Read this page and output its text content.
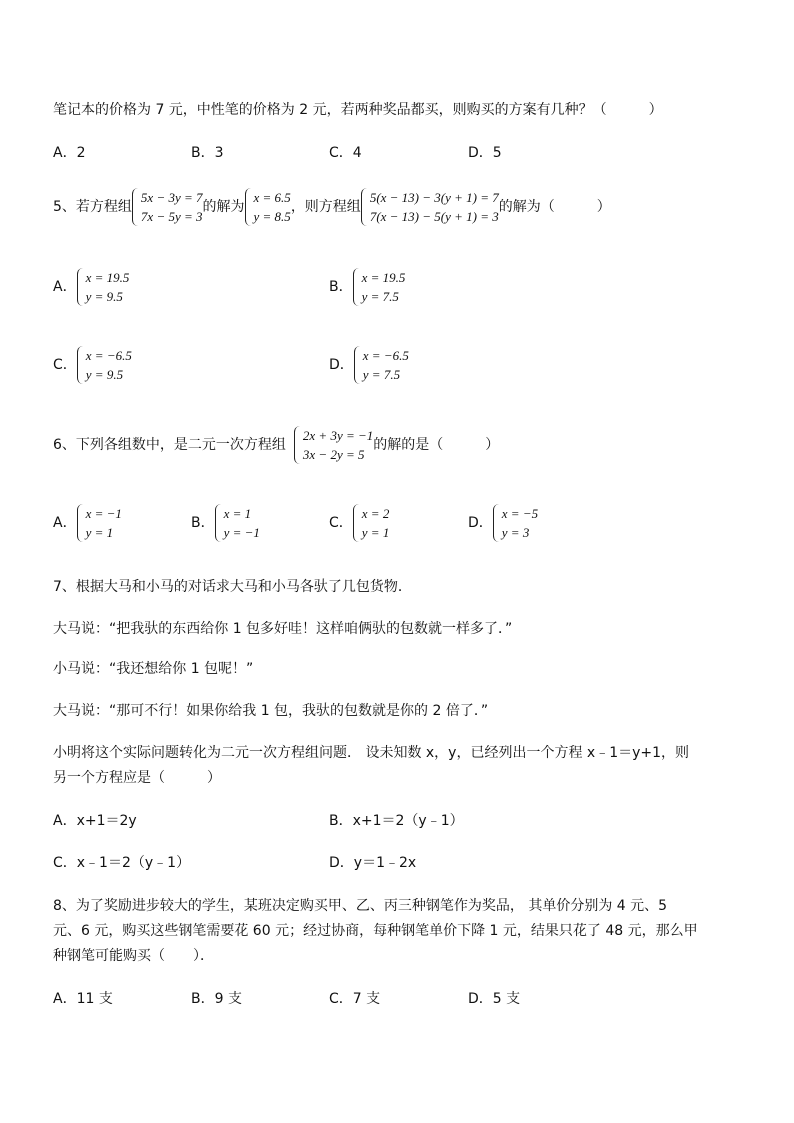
笔记本的价格为 7 元，中性笔的价格为 2 元，若两种奖品都买，则购买的方案有几种？（　　　）
A．2	B．3	C．4	D．5
5、若方程组
5x − 3y = 7
7x − 5y = 3
的解为
x = 6.5
y = 8.5
，则方程组
5(x − 13) − 3(y + 1) = 7
7(x − 13) − 5(y + 1) = 3
的解为（　　　）
A．
x = 19.5
y = 9.5
B．
x = 19.5
y = 7.5
C．
x = −6.5
y = 9.5
D．
x = −6.5
y = 7.5
6、下列各组数中，是二元一次方程组
2x + 3y = −1
3x − 2y = 5
的解的是（　　　）
A．
x = −1
y = 1
B．
x = 1
y = −1
C．
x = 2
y = 1
D．
x = −5
y = 3
7、根据大马和小马的对话求大马和小马各驮了几包货物．
大马说：“把我驮的东西给你 1 包多好哇！这样咱俩驮的包数就一样多了．”
小马说：“我还想给你 1 包呢！”
大马说：“那可不行！如果你给我 1 包，我驮的包数就是你的 2 倍了．”
小明将这个实际问题转化为二元一次方程组问题． 设未知数 x，y，已经列出一个方程 x﹣1＝y+1，则
另一个方程应是（　　　）
A．x+1＝2y	B．x+1＝2（y﹣1）
C．x﹣1＝2（y﹣1）	D．y＝1﹣2x
8、为了奖励进步较大的学生，某班决定购买甲、乙、丙三种钢笔作为奖品， 其单价分别为 4 元、5
元、6 元，购买这些钢笔需要花 60 元；经过协商，每种钢笔单价下降 1 元，结果只花了 48 元，那么甲
种钢笔可能购买（　　）．
A．11 支	B．9 支	C．7 支	D．5 支
